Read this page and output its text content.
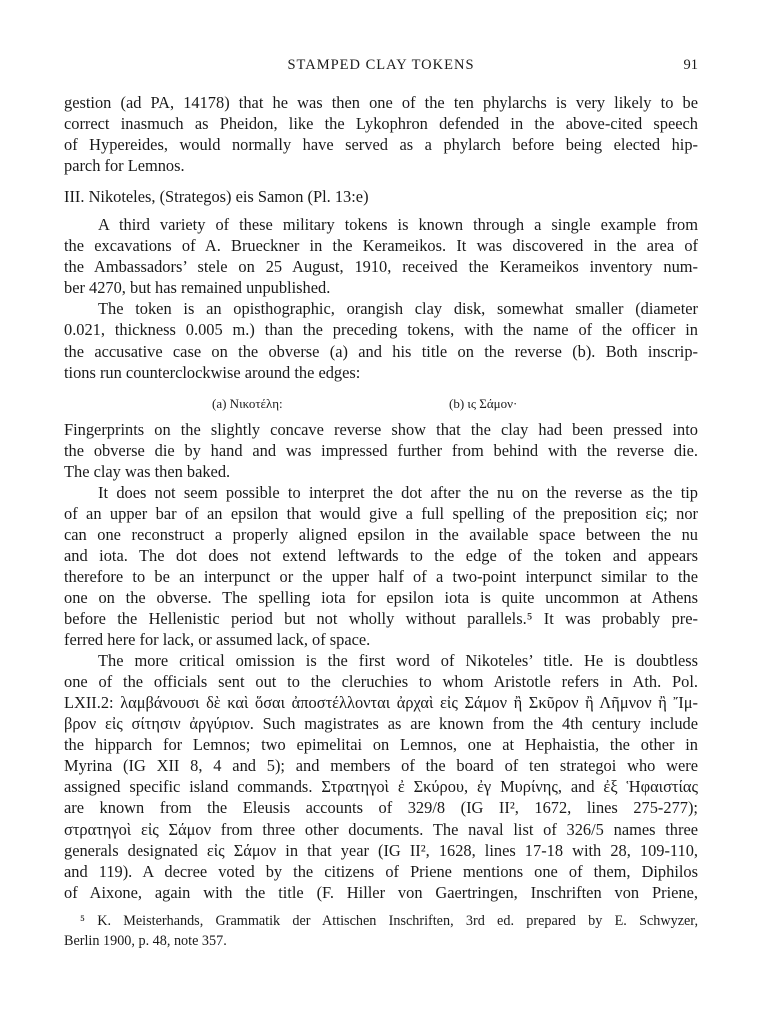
STAMPED CLAY TOKENS	91
gestion (ad PA, 14178) that he was then one of the ten phylarchs is very likely to be
correct inasmuch as Pheidon, like the Lykophron defended in the above-cited speech
of Hypereides, would normally have served as a phylarch before being elected hip-
parch for Lemnos.
III. Nikoteles, (Strategos) eis Samon (Pl. 13:e)
A third variety of these military tokens is known through a single example from
the excavations of A. Brueckner in the Kerameikos. It was discovered in the area of
the Ambassadors’ stele on 25 August, 1910, received the Kerameikos inventory num-
ber 4270, but has remained unpublished.
The token is an opisthographic, orangish clay disk, somewhat smaller (diameter
0.021, thickness 0.005 m.) than the preceding tokens, with the name of the officer in
the accusative case on the obverse (a) and his title on the reverse (b). Both inscrip-
tions run counterclockwise around the edges:
(a) Νικοτέλη:	(b) ις Σάμον·
Fingerprints on the slightly concave reverse show that the clay had been pressed into
the obverse die by hand and was impressed further from behind with the reverse die.
The clay was then baked.
It does not seem possible to interpret the dot after the nu on the reverse as the tip
of an upper bar of an epsilon that would give a full spelling of the preposition εἰς; nor
can one reconstruct a properly aligned epsilon in the available space between the nu
and iota. The dot does not extend leftwards to the edge of the token and appears
therefore to be an interpunct or the upper half of a two-point interpunct similar to the
one on the obverse. The spelling iota for epsilon iota is quite uncommon at Athens
before the Hellenistic period but not wholly without parallels.⁵ It was probably pre-
ferred here for lack, or assumed lack, of space.
The more critical omission is the first word of Nikoteles’ title. He is doubtless
one of the officials sent out to the cleruchies to whom Aristotle refers in Ath. Pol.
LXII.2: λαμβάνουσι δὲ καὶ ὅσαι ἀποστέλλονται ἀρχαὶ εἰς Σάμον ἢ Σκῦρον ἢ Λῆμνον ἢ Ἴμ-
βρον εἰς σίτησιν ἀργύριον. Such magistrates as are known from the 4th century include
the hipparch for Lemnos; two epimelitai on Lemnos, one at Hephaistia, the other in
Myrina (IG XII 8, 4 and 5); and members of the board of ten strategoi who were
assigned specific island commands. Στρατηγοὶ ἐ Σκύρου, ἐγ Μυρίνης, and ἐξ Ἡφαιστίας
are known from the Eleusis accounts of 329/8 (IG II², 1672, lines 275-277);
στρατηγοὶ εἰς Σάμον from three other documents. The naval list of 326/5 names three
generals designated εἰς Σάμον in that year (IG II², 1628, lines 17-18 with 28, 109-110,
and 119). A decree voted by the citizens of Priene mentions one of them, Diphilos
of Aixone, again with the title (F. Hiller von Gaertringen, Inschriften von Priene,
⁵ K. Meisterhands, Grammatik der Attischen Inschriften, 3rd ed. prepared by E. Schwyzer,
Berlin 1900, p. 48, note 357.
